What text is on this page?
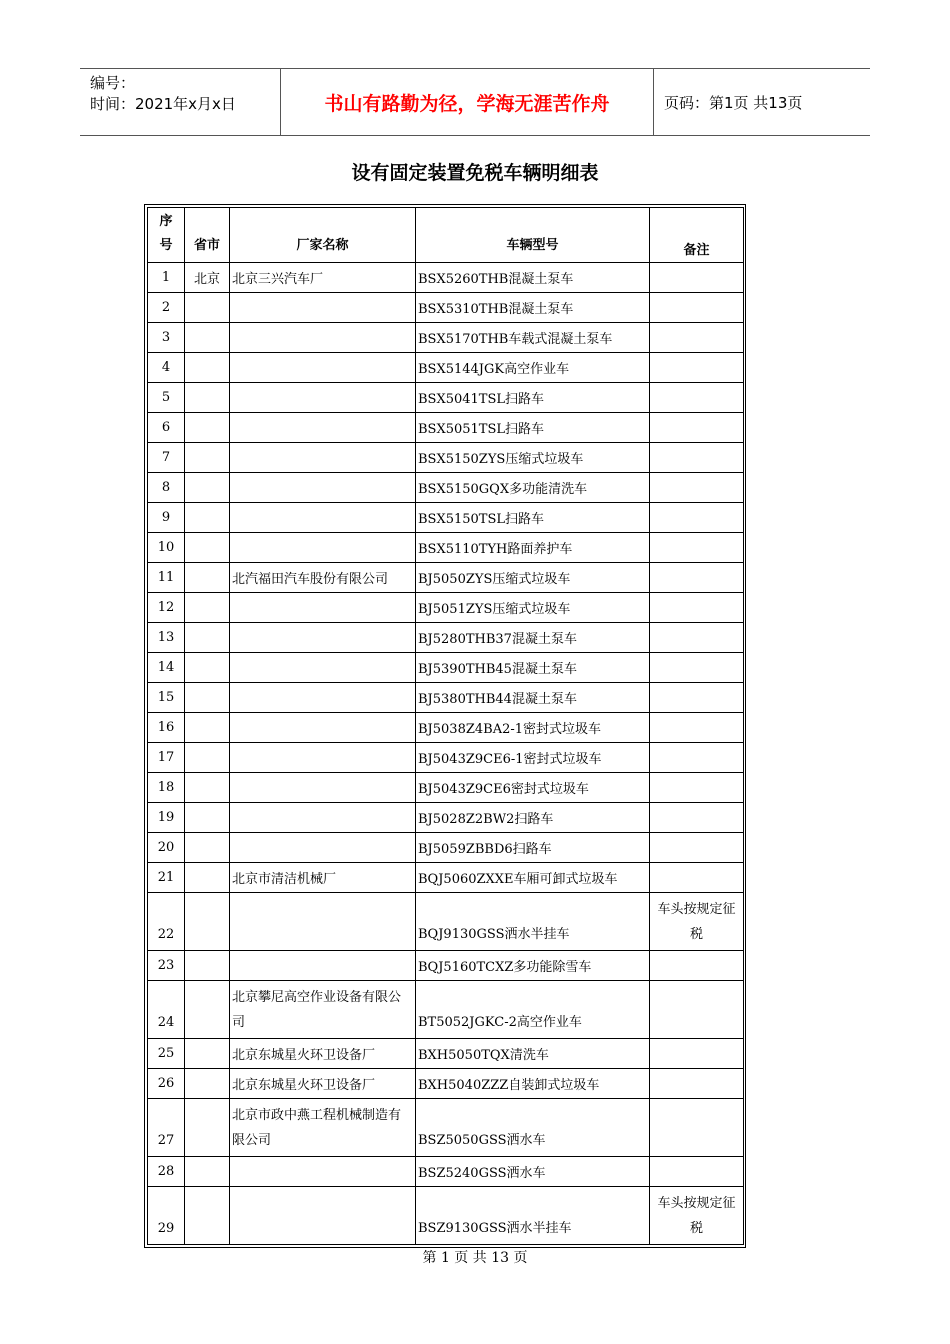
编号：
时间：2021年x月x日	书山有路勤为径，学海无涯苦作舟	页码：第1页 共13页
设有固定装置免税车辆明细表
序
号	省市	厂家名称	车辆型号	备注
1	北京	北京三兴汽车厂	BSX5260THB混凝土泵车	
2			BSX5310THB混凝土泵车	
3			BSX5170THB车载式混凝土泵车	
4			BSX5144JGK高空作业车	
5			BSX5041TSL扫路车	
6			BSX5051TSL扫路车	
7			BSX5150ZYS压缩式垃圾车	
8			BSX5150GQX多功能清洗车	
9			BSX5150TSL扫路车	
10			BSX5110TYH路面养护车	
11		北汽福田汽车股份有限公司	BJ5050ZYS压缩式垃圾车	
12			BJ5051ZYS压缩式垃圾车	
13			BJ5280THB37混凝土泵车	
14			BJ5390THB45混凝土泵车	
15			BJ5380THB44混凝土泵车	
16			BJ5038Z4BA2-1密封式垃圾车	
17			BJ5043Z9CE6-1密封式垃圾车	
18			BJ5043Z9CE6密封式垃圾车	
19			BJ5028Z2BW2扫路车	
20			BJ5059ZBBD6扫路车	
21		北京市清洁机械厂	BQJ5060ZXXE车厢可卸式垃圾车	
22			BQJ9130GSS洒水半挂车	车头按规定征税
23			BQJ5160TCXZ多功能除雪车	
24		北京攀尼高空作业设备有限公司	BT5052JGKC-2高空作业车	
25		北京东城星火环卫设备厂	BXH5050TQX清洗车	
26		北京东城星火环卫设备厂	BXH5040ZZZ自装卸式垃圾车	
27		北京市政中燕工程机械制造有限公司	BSZ5050GSS洒水车	
28			BSZ5240GSS洒水车	
29			BSZ9130GSS洒水半挂车	车头按规定征税
第 1 页 共 13 页
